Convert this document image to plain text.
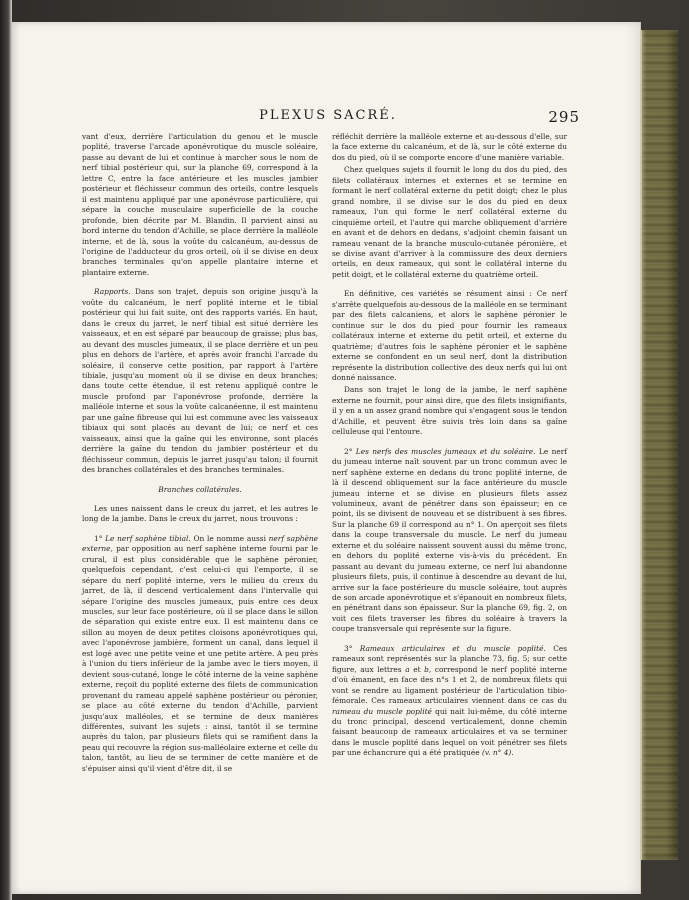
PLEXUS SACRÉ.	295

vant d'eux, derrière l'articulation du genou et le muscle poplité, traverse l'arcade aponévrotique du muscle soléaire, passe au devant de lui et continue à marcher sous le nom de nerf tibial postérieur qui, sur la planche 69, correspond à la lettre C, entre la face antérieure et les muscles jambier postérieur et fléchisseur commun des orteils, contre lesquels il est maintenu appliqué par une aponévrose particulière, qui sépare la couche musculaire superficielle de la couche profonde, bien décrite par M. Blandin. Il parvient ainsi au bord interne du tendon d'Achille, se place derrière la malléole interne, et de là, sous la voûte du calcanéum, au-dessus de l'origine de l'adducteur du gros orteil, où il se divise en deux branches terminales qu'on appelle plantaire interne et plantaire externe.

Rapports. Dans son trajet, depuis son origine jusqu'à la voûte du calcanéum, le nerf poplité interne et le tibial postérieur qui lui fait suite, ont des rapports variés. En haut, dans le creux du jarret, le nerf tibial est situé derrière les vaisseaux, et en est séparé par beaucoup de graisse; plus bas, au devant des muscles jumeaux, il se place derrière et un peu plus en dehors de l'artère, et après avoir franchi l'arcade du soléaire, il conserve cette position, par rapport à l'artère tibiale, jusqu'au moment où il se divise en deux branches; dans toute cette étendue, il est retenu appliqué contre le muscle profond par l'aponévrose profonde, derrière la malléole interne et sous la voûte calcanéenne, il est maintenu par une gaîne fibreuse qui lui est commune avec les vaisseaux tibiaux qui sont placés au devant de lui; ce nerf et ces vaisseaux, ainsi que la gaîne qui les environne, sont placés derrière la gaîne du tendon du jambier postérieur et du fléchisseur commun, depuis le jarret jusqu'au talon; il fournit des branches collatérales et des branches terminales.

Branches collatérales.

Les unes naissent dans le creux du jarret, et les autres le long de la jambe. Dans le creux du jarret, nous trouvons :

1° Le nerf saphène tibial. On le nomme aussi nerf saphène externe, par opposition au nerf saphène interne fourni par le crural, il est plus considérable que le saphène péronier, quelquefois cependant, c'est celui-ci qui l'emporte, il se sépare du nerf poplité interne, vers le milieu du creux du jarret, de là, il descend verticalement dans l'intervalle qui sépare l'origine des muscles jumeaux, puis entre ces deux muscles, sur leur face postérieure, où il se place dans le sillon de séparation qui existe entre eux. Il est maintenu dans ce sillon au moyen de deux petites cloisons aponévrotiques qui, avec l'aponévrose jambière, forment un canal, dans lequel il est logé avec une petite veine et une petite artère. A peu près à l'union du tiers inférieur de la jambe avec le tiers moyen, il devient sous-cutané, longe le côté interne de la veine saphène externe, reçoit du poplité externe des filets de communication provenant du rameau appelé saphène postérieur ou péronier, se place au côté externe du tendon d'Achille, parvient jusqu'aux malléoles, et se termine de deux manières différentes, suivant les sujets : ainsi, tantôt il se termine auprès du talon, par plusieurs filets qui se ramifient dans la peau qui recouvre la région sus-malléolaire externe et celle du talon, tantôt, au lieu de se terminer de cette manière et de s'épuiser ainsi qu'il vient d'être dit, il se

réfléchit derrière la malléole externe et au-dessous d'elle, sur la face externe du calcanéum, et de là, sur le côté externe du dos du pied, où il se comporte encore d'une manière variable.

Chez quelques sujets il fournit le long du dos du pied, des filets collatéraux internes et externes et se termine en formant le nerf collatéral externe du petit doigt; chez le plus grand nombre, il se divise sur le dos du pied en deux rameaux, l'un qui forme le nerf collatéral externe du cinquième orteil, et l'autre qui marche obliquement d'arrière en avant et de dehors en dedans, s'adjoint chemin faisant un rameau venant de la branche musculo-cutanée péronière, et se divise avant d'arriver à la commissure des deux derniers orteils, en deux rameaux, qui sont le collatéral interne du petit doigt, et le collatéral externe du quatrième orteil.

En définitive, ces variétés se résument ainsi : Ce nerf s'arrête quelquefois au-dessous de la malléole en se terminant par des filets calcaniens, et alors le saphène péronier le continue sur le dos du pied pour fournir les rameaux collatéraux interne et externe du petit orteil, et externe du quatrième; d'autres fois le saphène péronier et le saphène externe se confondent en un seul nerf, dont la distribution représente la distribution collective des deux nerfs qui lui ont donné naissance.

Dans son trajet le long de la jambe, le nerf saphène externe ne fournit, pour ainsi dire, que des filets insignifiants, il y en a un assez grand nombre qui s'engagent sous le tendon d'Achille, et peuvent être suivis très loin dans sa gaîne celluleuse qui l'entoure.

2° Les nerfs des muscles jumeaux et du soléaire. Le nerf du jumeau interne naît souvent par un tronc commun avec le nerf saphène externe en dedans du tronc poplité interne, de là il descend obliquement sur la face antérieure du muscle jumeau interne et se divise en plusieurs filets assez volumineux, avant de pénétrer dans son épaisseur; en ce point, ils se divisent de nouveau et se distribuent à ses fibres. Sur la planche 69 il correspond au n° 1. On aperçoit ses filets dans la coupe transversale du muscle. Le nerf du jumeau externe et du soléaire naissent souvent aussi du même tronc, en dehors du poplité externe vis-à-vis du précédent. En passant au devant du jumeau externe, ce nerf lui abandonne plusieurs filets, puis, il continue à descendre au devant de lui, arrive sur la face postérieure du muscle soléaire, tout auprès de son arcade aponévrotique et s'épanouit en nombreux filets, en pénétrant dans son épaisseur. Sur la planche 69, fig. 2, on voit ces filets traverser les fibres du soléaire à travers la coupe transversale qui représente sur la figure.

3° Rameaux articulaires et du muscle poplité. Ces rameaux sont représentés sur la planche 73, fig. 5; sur cette figure, aux lettres a et b, correspond le nerf poplité interne d'où émanent, en face des n°s 1 et 2, de nombreux filets qui vont se rendre au ligament postérieur de l'articulation tibio-fémorale. Ces rameaux articulaires viennent dans ce cas du rameau du muscle poplité qui nait lui-même, du côté interne du tronc principal, descend verticalement, donne chemin faisant beaucoup de rameaux articulaires et va se terminer dans le muscle poplité dans lequel on voit pénétrer ses filets par une échancrure qui a été pratiquée (v. n° 4).
